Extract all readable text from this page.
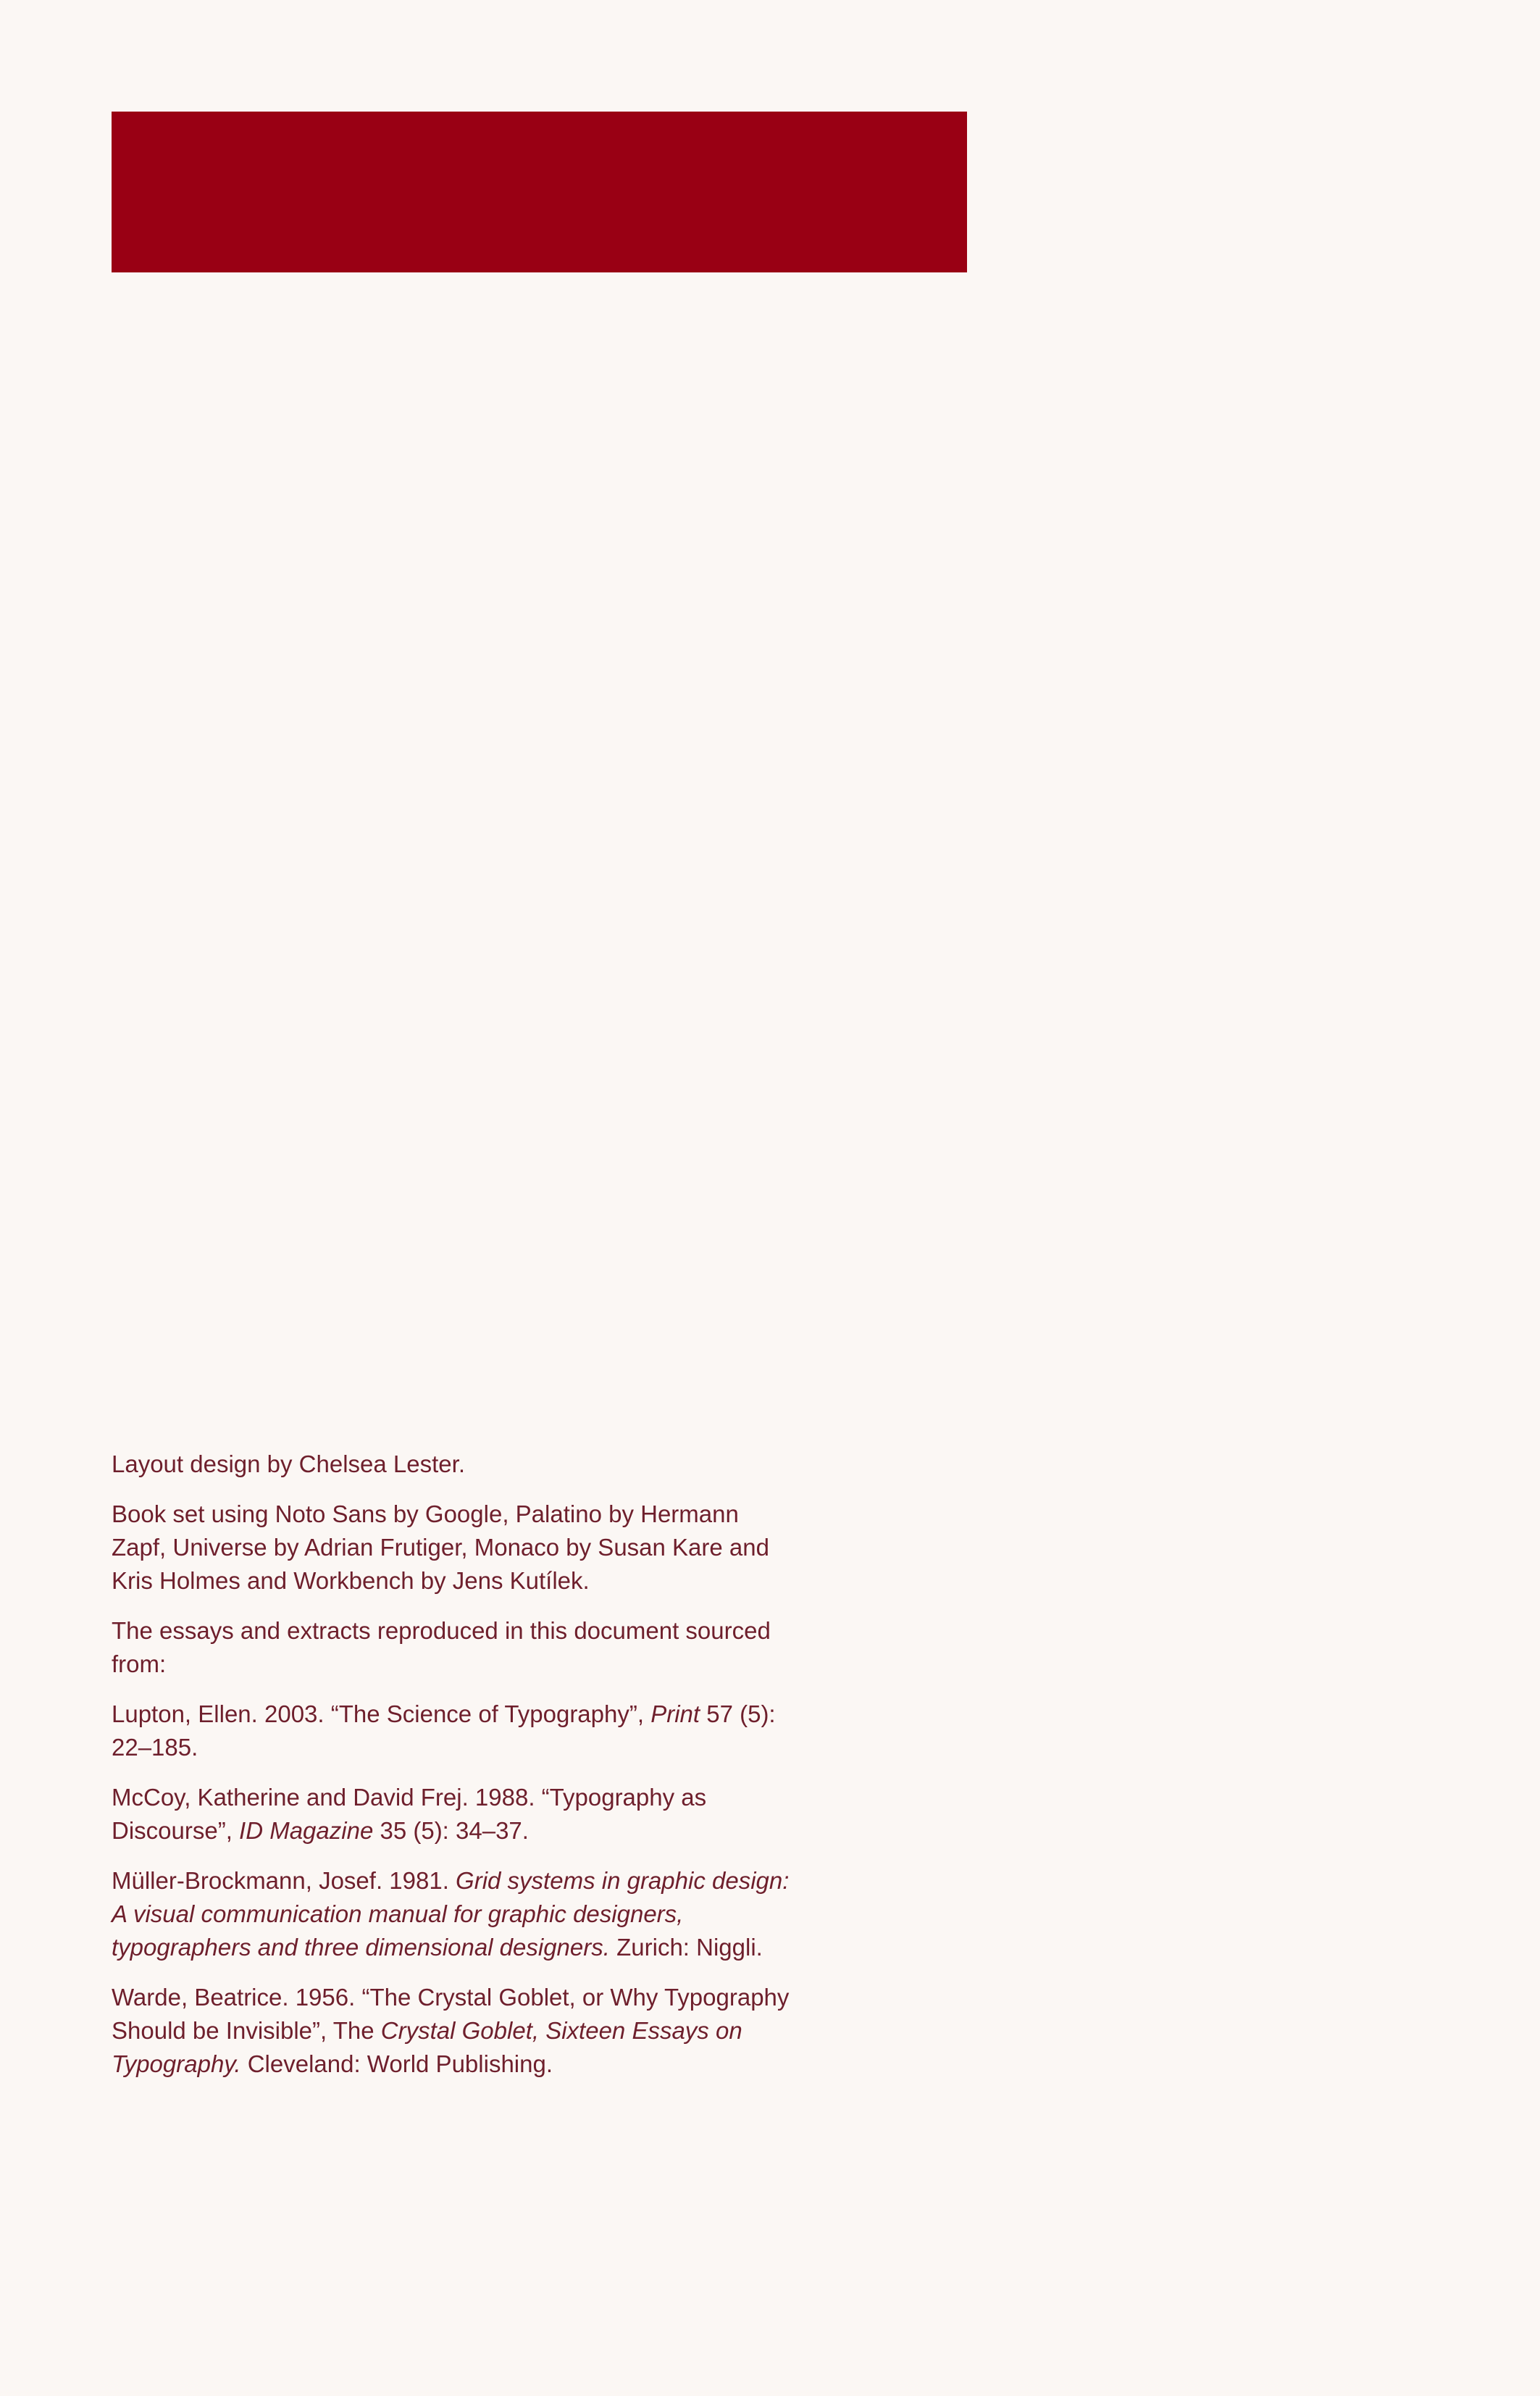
Layout design by Chelsea Lester.

Book set using Noto Sans by Google, Palatino by Hermann Zapf, Universe by Adrian Frutiger, Monaco by Susan Kare and Kris Holmes and Workbench by Jens Kutílek.

The essays and extracts reproduced in this document sourced from:

Lupton, Ellen. 2003. “The Science of Typography”, Print 57 (5): 22–185.

McCoy, Katherine and David Frej. 1988. “Typography as Discourse”, ID Magazine 35 (5): 34–37.

Müller-Brockmann, Josef. 1981. Grid systems in graphic design: A visual communication manual for graphic designers, typographers and three dimensional designers. Zurich: Niggli.

Warde, Beatrice. 1956. “The Crystal Goblet, or Why Typography Should be Invisible”, The Crystal Goblet, Sixteen Essays on Typography. Cleveland: World Publishing.
